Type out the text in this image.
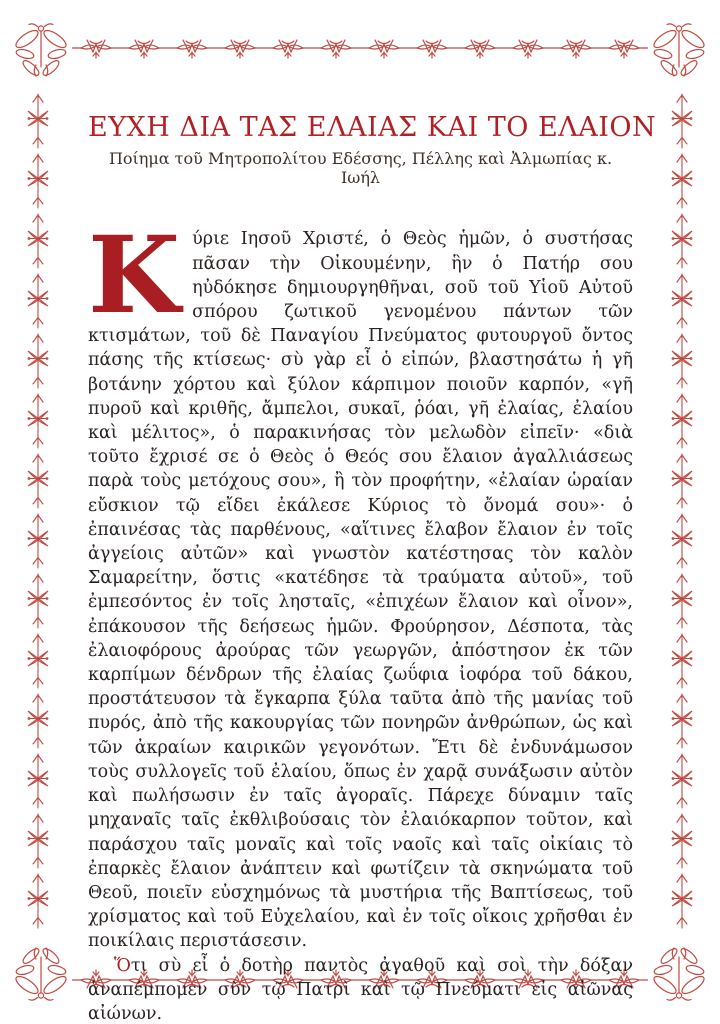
ΕΥΧΗ ΔΙΑ ΤΑΣ ΕΛΑΙΑΣ ΚΑΙ ΤΟ ΕΛΑΙΟΝ
Ποίημα τοῦ Μητροπολίτου Εδέσσης, Πέλλης καὶ Ἀλμωπίας κ. Ιωήλ

Κύριε Ιησοῦ Χριστέ, ὁ Θεὸς ἡμῶν, ὁ συστήσας πᾶσαν τὴν Οἰκουμένην, ἣν ὁ Πατήρ σου ηὐδόκησε δημιουργηθῆναι, σοῦ τοῦ Υἱοῦ Αὐτοῦ σπόρου ζωτικοῦ γενομένου πάντων τῶν κτισμάτων, τοῦ δὲ Παναγίου Πνεύματος φυτουργοῦ ὄντος πάσης τῆς κτίσεως· σὺ γὰρ εἶ ὁ εἰπών, βλαστησάτω ἡ γῆ βοτάνην χόρτου καὶ ξύλον κάρπιμον ποιοῦν καρπόν, «γῆ πυροῦ καὶ κριθῆς, ἄμπελοι, συκαῖ, ῥόαι, γῆ ἐλαίας, ἐλαίου καὶ μέλιτος», ὁ παρακινήσας τὸν μελωδὸν εἰπεῖν· «διὰ τοῦτο ἔχρισέ σε ὁ Θεὸς ὁ Θεός σου ἔλαιον ἀγαλλιάσεως παρὰ τοὺς μετόχους σου», ἢ τὸν προφήτην, «ἐλαίαν ὡραίαν εὔσκιον τῷ εἴδει ἐκάλεσε Κύριος τὸ ὄνομά σου»· ὁ ἐπαινέσας τὰς παρθένους, «αἵτινες ἔλαβον ἔλαιον ἐν τοῖς ἀγγείοις αὐτῶν» καὶ γνωστὸν κατέστησας τὸν καλὸν Σαμαρείτην, ὅστις «κατέδησε τὰ τραύματα αὐτοῦ», τοῦ ἐμπεσόντος ἐν τοῖς λησταῖς, «ἐπιχέων ἔλαιον καὶ οἶνον», ἐπάκουσον τῆς δεήσεως ἡμῶν. Φρούρησον, Δέσποτα, τὰς ἐλαιοφόρους ἀρούρας τῶν γεωργῶν, ἀπόστησον ἐκ τῶν καρπίμων δένδρων τῆς ἐλαίας ζωΰφια ἰοφόρα τοῦ δάκου, προστάτευσον τὰ ἔγκαρπα ξύλα ταῦτα ἀπὸ τῆς μανίας τοῦ πυρός, ἀπὸ τῆς κακουργίας τῶν πονηρῶν ἀνθρώπων, ὡς καὶ τῶν ἀκραίων καιρικῶν γεγονότων. Ἔτι δὲ ἐνδυνάμωσον τοὺς συλλογεῖς τοῦ ἐλαίου, ὅπως ἐν χαρᾷ συνάξωσιν αὐτὸν καὶ πωλήσωσιν ἐν ταῖς ἀγοραῖς. Πάρεχε δύναμιν ταῖς μηχαναῖς ταῖς ἐκθλιβούσαις τὸν ἐλαιόκαρπον τοῦτον, καὶ παράσχου ταῖς μοναῖς καὶ τοῖς ναοῖς καὶ ταῖς οἰκίαις τὸ ἐπαρκὲς ἔλαιον ἀνάπτειν καὶ φωτίζειν τὰ σκηνώματα τοῦ Θεοῦ, ποιεῖν εὐσχημόνως τὰ μυστήρια τῆς Βαπτίσεως, τοῦ χρίσματος καὶ τοῦ Εὐχελαίου, καὶ ἐν τοῖς οἴκοις χρῆσθαι ἐν ποικίλαις περιστάσεσιν.

Ὅτι σὺ εἶ ὁ δοτὴρ παντὸς ἀγαθοῦ καὶ σοὶ τὴν δόξαν ἀναπέμπομεν σὺν τῷ Πατρὶ καὶ τῷ Πνεύματι εἰς αἰῶνας αἰώνων.
